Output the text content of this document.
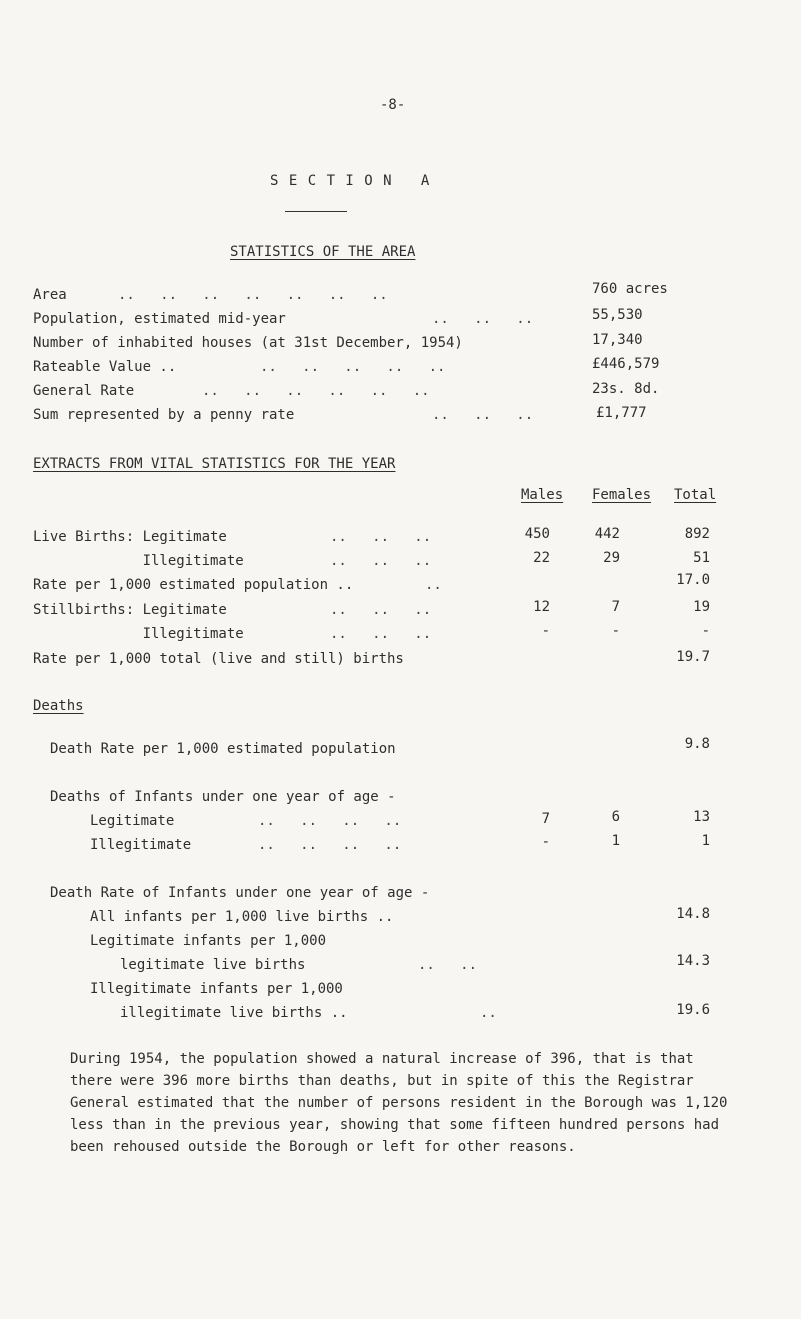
-8-
S E C T I O N   A
STATISTICS OF THE AREA
Area	..   ..   ..   ..   ..   ..   ..	760 acres
Population, estimated mid-year	..   ..   ..	55,530
Number of inhabited houses (at 31st December, 1954)	17,340
Rateable Value ..	..   ..   ..   ..   ..	£446,579
General Rate	..   ..   ..   ..   ..   ..	23s. 8d.
Sum represented by a penny rate	..   ..   ..	£1,777
EXTRACTS FROM VITAL STATISTICS FOR THE YEAR
Males Females Total
Live Births: Legitimate	..   ..   ..	450	442	892
Illegitimate	..   ..   ..	22	29	51
Rate per 1,000 estimated population ..	..	17.0
Stillbirths: Legitimate	..   ..   ..	12	7	19
Illegitimate	..   ..   ..	-	-	-
Rate per 1,000 total (live and still) births	19.7
Deaths
Death Rate per 1,000 estimated population	9.8
Deaths of Infants under one year of age -
Legitimate	..   ..   ..   ..	7	6	13
Illegitimate	..   ..   ..   ..	-	1	1
Death Rate of Infants under one year of age -
All infants per 1,000 live births ..	14.8
Legitimate infants per 1,000
legitimate live births	..   ..	14.3
Illegitimate infants per 1,000
illegitimate live births ..	..	19.6
During 1954, the population showed a natural increase of 396, that is that there were 396 more births than deaths, but in spite of this the Registrar General estimated that the number of persons resident in the Borough was 1,120 less than in the previous year, showing that some fifteen hundred persons had been rehoused outside the Borough or left for other reasons.
